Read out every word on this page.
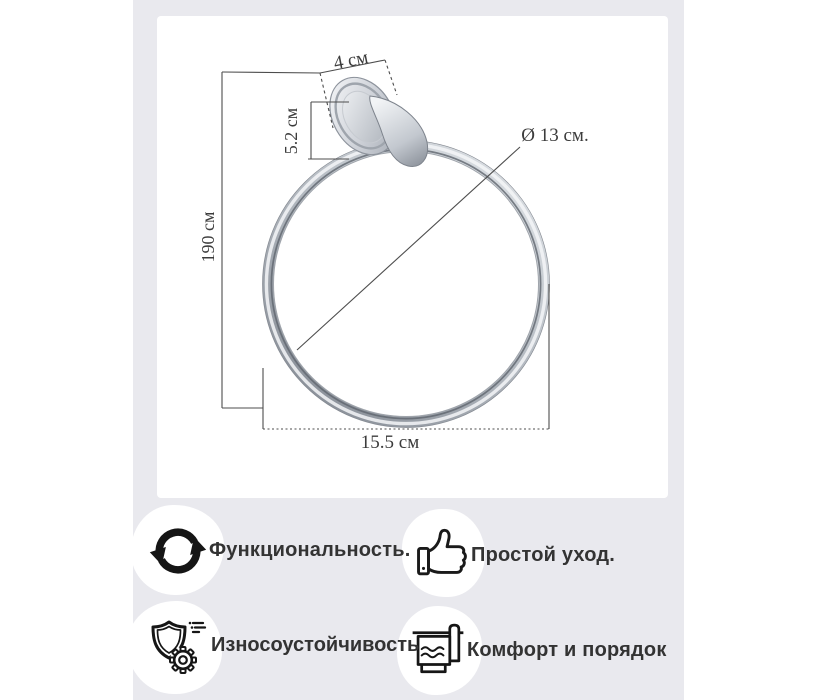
4 см
5.2 см
190 см
Ø 13 см.
15.5 см
Функциональность.	Простой уход.
Износоустойчивость Комфорт и порядок
